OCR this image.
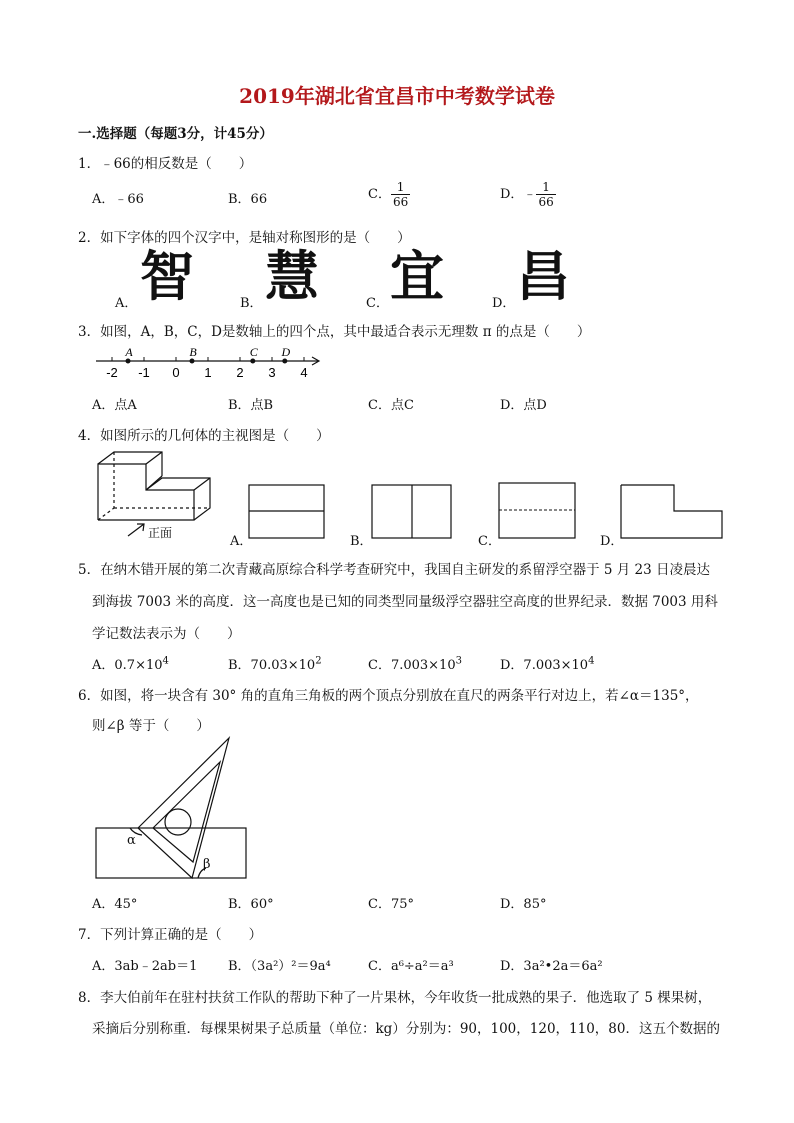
2019年湖北省宜昌市中考数学试卷
一.选择题（每题3分，计45分）
1．﹣66的相反数是（　　）
A．﹣66	B．66	C． $\frac{1}{66}$	D．﹣ $\frac{1}{66}$
2．如下字体的四个汉字中，是轴对称图形的是（　　）
A． 智	B． 慧	C． 宜	D． 昌
3．如图，A，B，C，D是数轴上的四个点，其中最适合表示无理数 π 的点是（　　）
-2 -1 0 1 2 3 4
A	B	C D
A．点A	B．点B	C．点C	D．点D
4．如图所示的几何体的主视图是（　　）
正面
A．	B．	C．	D．
5．在纳木错开展的第二次青藏高原综合科学考查研究中，我国自主研发的系留浮空器于 5 月 23 日凌晨达
到海拔 7003 米的高度．这一高度也是已知的同类型同量级浮空器驻空高度的世界纪录．数据 7003 用科
学记数法表示为（　　）
A．$0.7\times 10^4$	B．$70.03\times 10^2$	C．$7.003\times 10^3$	D．$7.003\times 10^4$
6．如图，将一块含有 30° 角的直角三角板的两个顶点分别放在直尺的两条平行对边上，若∠α＝135°，
则∠β 等于（　　）
α
β
A．45°	B．60°	C．75°	D．85°
7．下列计算正确的是（　　）
A．3ab﹣2ab＝1 B．（3a²）²＝9a⁴	C．a⁶÷a²＝a³	D．3a²•2a＝6a²
8．李大伯前年在驻村扶贫工作队的帮助下种了一片果林，今年收货一批成熟的果子．他选取了 5 棵果树，
采摘后分别称重．每棵果树果子总质量（单位：kg）分别为：90，100，120，110，80．这五个数据的
